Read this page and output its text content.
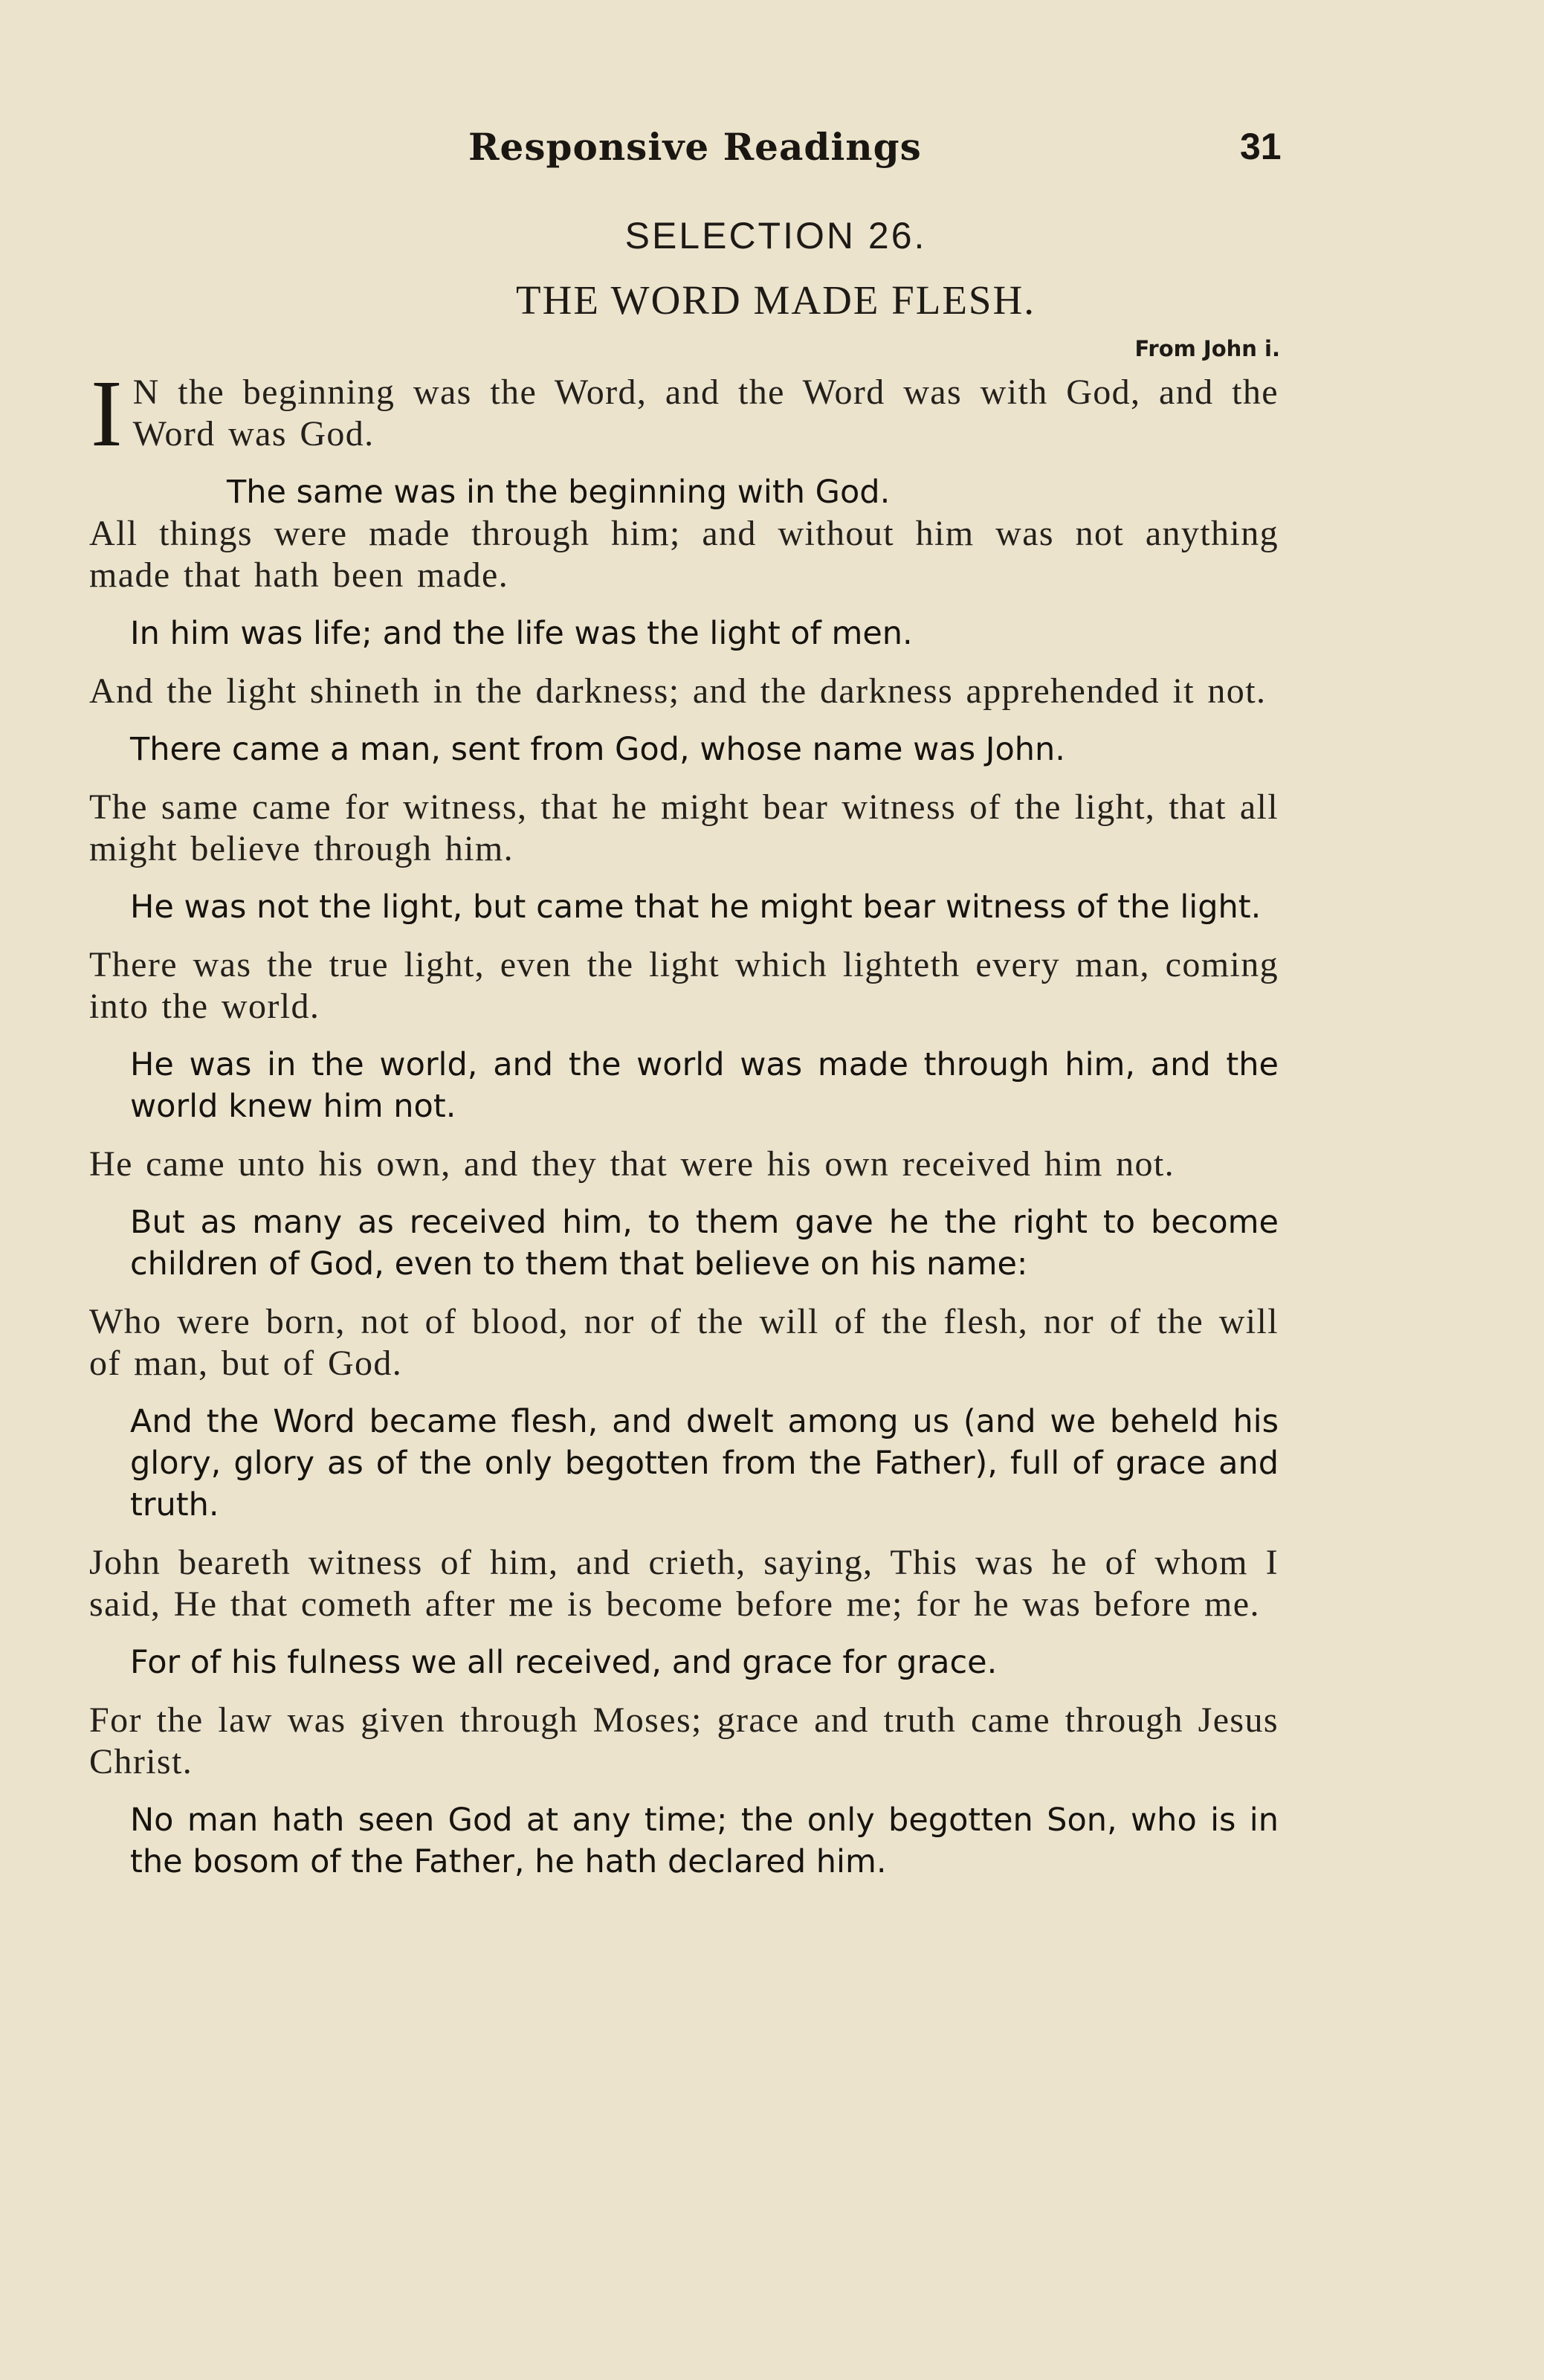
Responsive Readings	31
SELECTION 26.
THE WORD MADE FLESH.
From John i.
I N the beginning was the Word, and the Word was with God, and the Word was God.

The same was in the beginning with God.

All things were made through him; and without him was not anything made that hath been made.

In him was life; and the life was the light of men.

And the light shineth in the darkness; and the darkness apprehended it not.

There came a man, sent from God, whose name was John.

The same came for witness, that he might bear witness of the light, that all might believe through him.

He was not the light, but came that he might bear witness of the light.

There was the true light, even the light which lighteth every man, coming into the world.

He was in the world, and the world was made through him, and the world knew him not.

He came unto his own, and they that were his own received him not.

But as many as received him, to them gave he the right to become children of God, even to them that believe on his name:

Who were born, not of blood, nor of the will of the flesh, nor of the will of man, but of God.

And the Word became flesh, and dwelt among us (and we beheld his glory, glory as of the only begotten from the Father), full of grace and truth.

John beareth witness of him, and crieth, saying, This was he of whom I said, He that cometh after me is become before me; for he was before me.

For of his fulness we all received, and grace for grace.

For the law was given through Moses; grace and truth came through Jesus Christ.

No man hath seen God at any time; the only begotten Son, who is in the bosom of the Father, he hath declared him.
